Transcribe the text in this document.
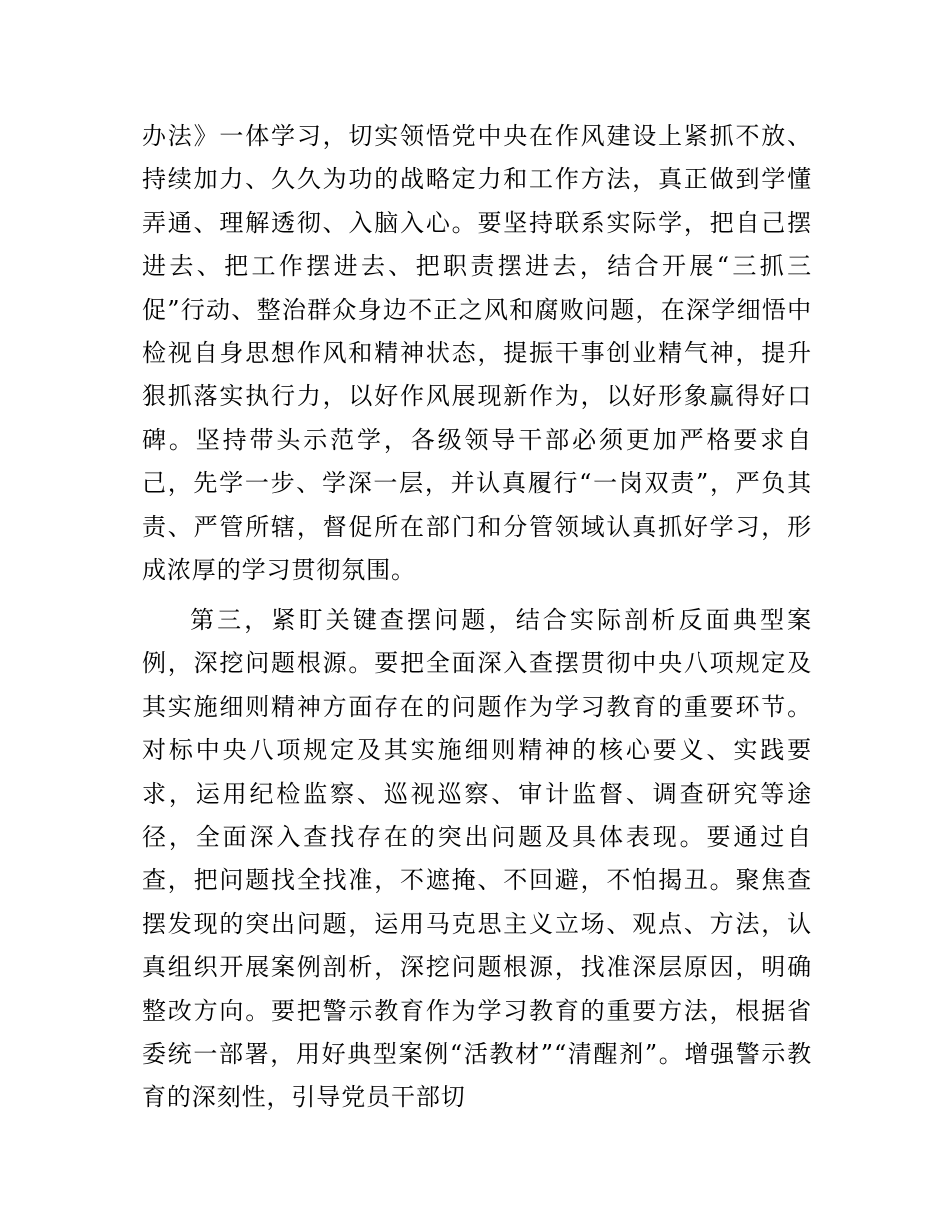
办法》一体学习，切实领悟党中央在作风建设上紧抓不放、持续加力、久久为功的战略定力和工作方法，真正做到学懂弄通、理解透彻、入脑入心。要坚持联系实际学，把自己摆进去、把工作摆进去、把职责摆进去，结合开展“三抓三促”行动、整治群众身边不正之风和腐败问题，在深学细悟中检视自身思想作风和精神状态，提振干事创业精气神，提升狠抓落实执行力，以好作风展现新作为，以好形象赢得好口碑。坚持带头示范学，各级领导干部必须更加严格要求自己，先学一步、学深一层，并认真履行“一岗双责”，严负其责、严管所辖，督促所在部门和分管领域认真抓好学习，形成浓厚的学习贯彻氛围。

第三，紧盯关键查摆问题，结合实际剖析反面典型案例，深挖问题根源。要把全面深入查摆贯彻中央八项规定及其实施细则精神方面存在的问题作为学习教育的重要环节。对标中央八项规定及其实施细则精神的核心要义、实践要求，运用纪检监察、巡视巡察、审计监督、调查研究等途径，全面深入查找存在的突出问题及具体表现。要通过自查，把问题找全找准，不遮掩、不回避，不怕揭丑。聚焦查摆发现的突出问题，运用马克思主义立场、观点、方法，认真组织开展案例剖析，深挖问题根源，找准深层原因，明确整改方向。要把警示教育作为学习教育的重要方法，根据省委统一部署，用好典型案例“活教材”“清醒剂”。增强警示教育的深刻性，引导党员干部切
